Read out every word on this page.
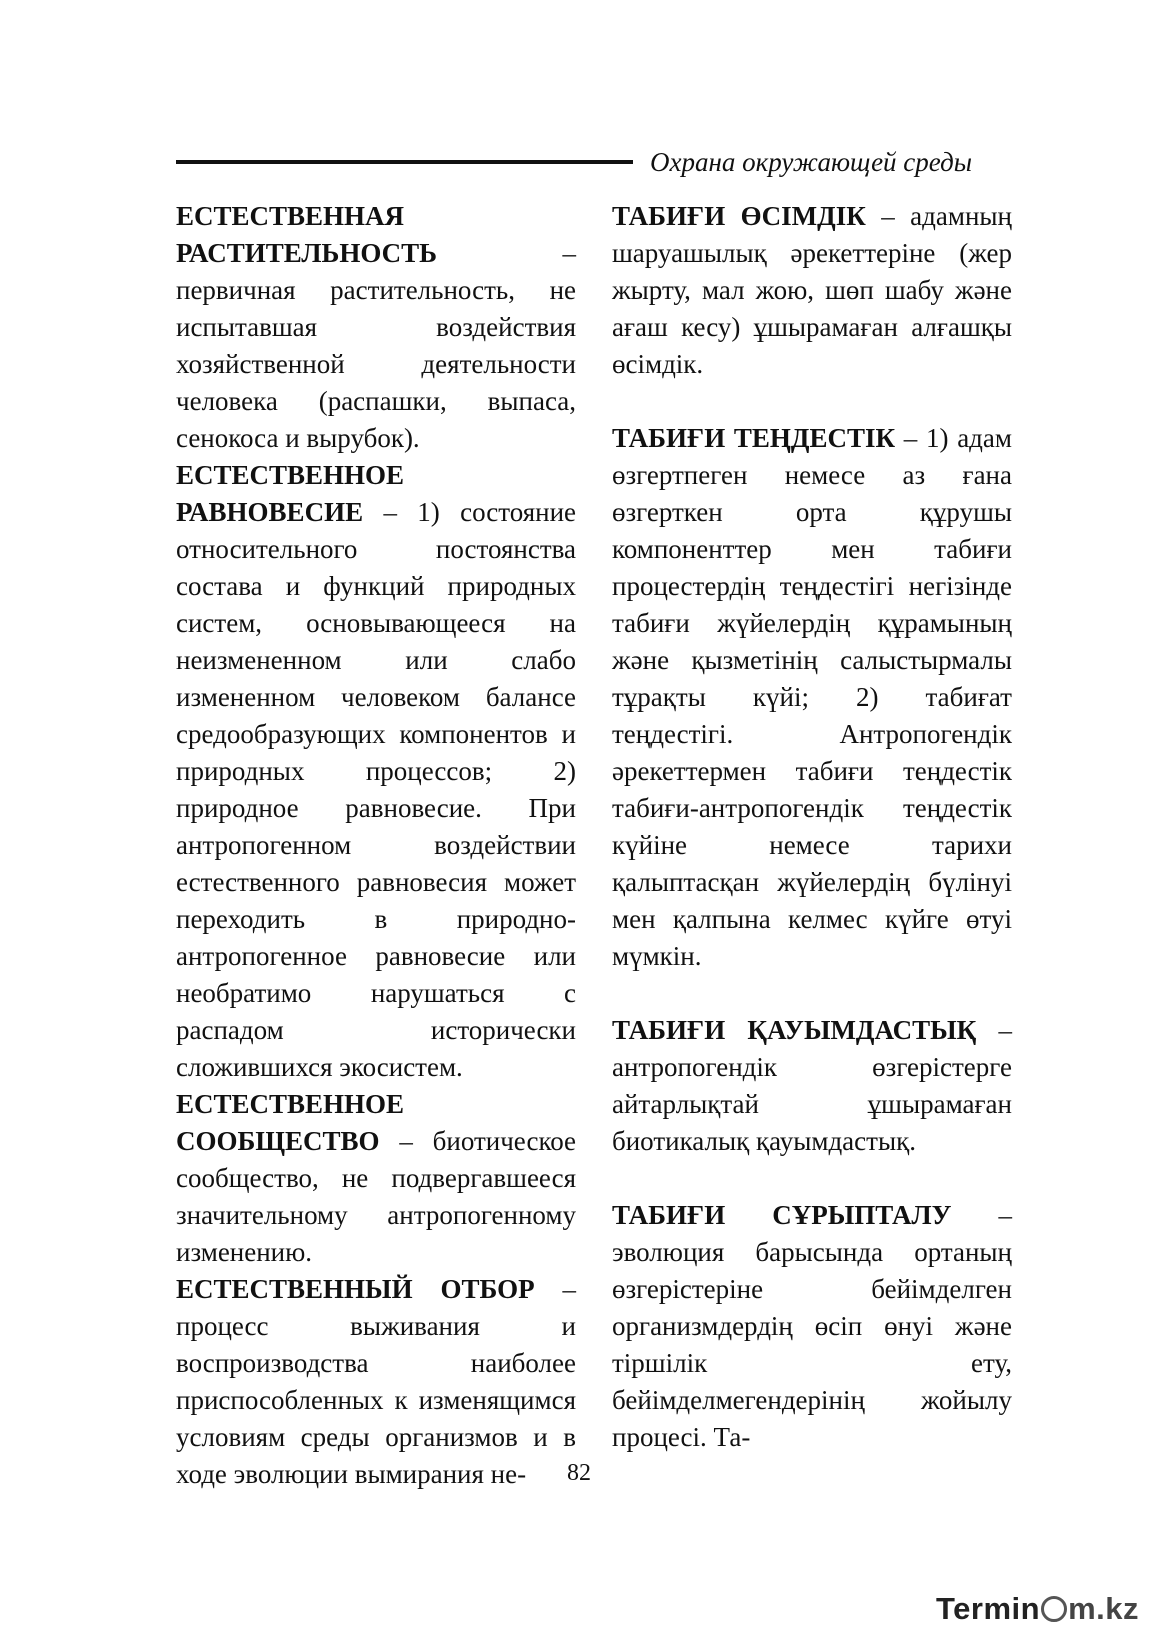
Охрана окружающей среды

ЕСТЕСТВЕННАЯ РАСТИТЕЛЬНОСТЬ	– первичная растительность, не испытавшая воздействия хозяйственной деятельности человека (распашки, выпаса, сенокоса и вырубок).

ЕСТЕСТВЕННОЕ РАВНОВЕСИЕ – 1) состояние относительного постоянства состава и функций природных систем, основывающееся на неизмененном или слабо измененном человеком балансе средообразующих компонентов и природных процессов; 2) природное равновесие. При антропогенном воздействии естественного равновесия может переходить в природно-антропогенное равновесие или необратимо нарушаться с распадом исторически сложившихся экосистем.

ЕСТЕСТВЕННОЕ СООБЩЕСТВО – биотическое сообщество, не подвергавшееся значительному антропогенному изменению.

ЕСТЕСТВЕННЫЙ ОТБОР – процесс выживания и воспроизводства наиболее приспособленных к изменящимся условиям среды организмов и в ходе эволюции вымирания не-

ТАБИҒИ ӨСІМДІК – адамның шаруашылық әрекеттеріне (жер жырту, мал жою, шөп шабу және ағаш кесу) ұшырамаған алғашқы өсімдік.

ТАБИҒИ ТЕҢДЕСТІК – 1) адам өзгертпеген немесе аз ғана өзгерткен орта құрушы компоненттер мен табиғи процестердің теңдестігі негізінде табиғи жүйелердің құрамының және қызметінің салыстырмалы тұрақты күйі; 2) табиғат теңдестігі. Антропогендік әрекеттермен табиғи теңдестік табиғи-антропогендік теңдестік күйіне немесе тарихи қалыптасқан жүйелердің бүлінуі мен қалпына келмес күйге өтуі мүмкін.

ТАБИҒИ ҚАУЫМДАСТЫҚ – антропогендік өзгерістерге айтарлықтай ұшырамаған биотикалық қауымдастық.

ТАБИҒИ СҰРЫПТАЛУ – эволюция барысында ортаның өзгерістеріне бейімделген организмдердің өсіп өнуі және тіршілік ету, бейімделмегендерінің жойылу процесі. Та-

82
Termin m.kz
